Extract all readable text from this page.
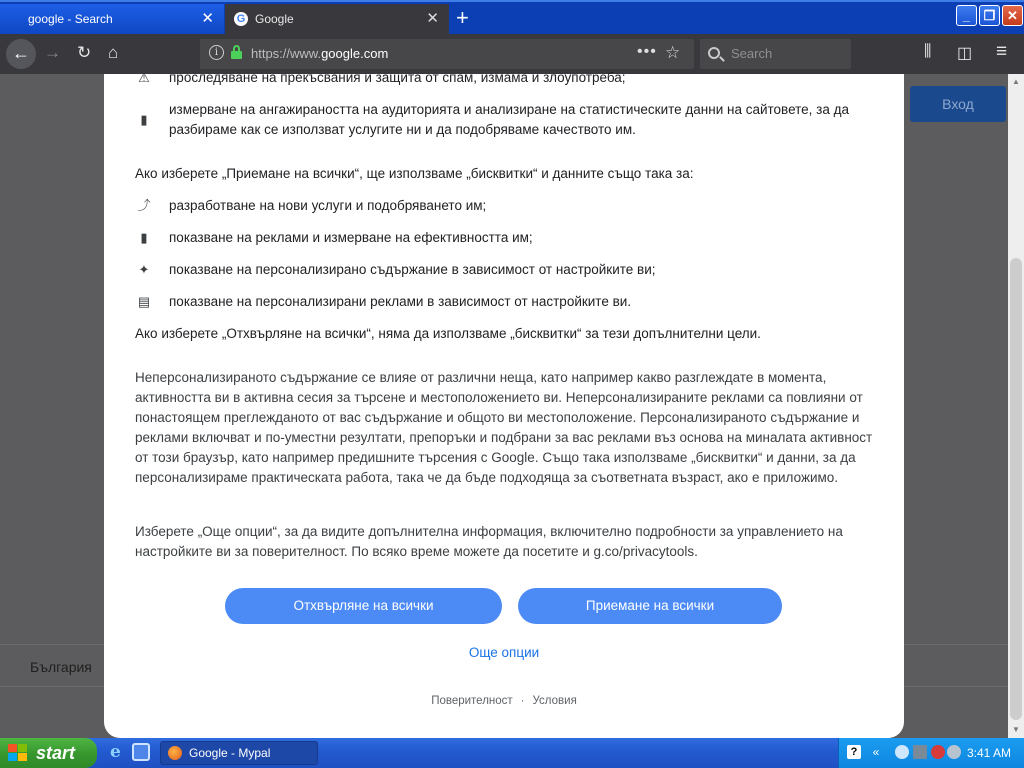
google - Search	✕ G Google	✕ +	_	❐ ✕
← → ↻ ⌂	i	https://www.google.com	••• ☆	Search	⫼ ◫ ≡
Вход
България
▲
▼
⚠ проследяване на прекъсвания и защита от спам, измама и злоупотреба;
▮
измерване на ангажираността на аудиторията и анализиране на статистическите данни на сайтовете, за да разбираме как се използват услугите ни и да подобряваме качеството им.
Ако изберете „Приемане на всички“, ще използваме „бисквитки“ и данните също така за:
⤴ разработване на нови услуги и подобряването им;
▮	показване на реклами и измерване на ефективността им;
✦ показване на персонализирано съдържание в зависимост от настройките ви;
▤ показване на персонализирани реклами в зависимост от настройките ви.
Ако изберете „Отхвърляне на всички“, няма да използваме „бисквитки“ за тези допълнителни цели.
Неперсонализираното съдържание се влияе от различни неща, като например какво разглеждате в момента, активността ви в активна сесия за търсене и местоположението ви. Неперсонализираните реклами са повлияни от понастоящем преглежданото от вас съдържание и общото ви местоположение. Персонализираното съдържание и реклами включват и по-уместни резултати, препоръки и подбрани за вас реклами въз основа на миналата активност от този браузър, като например предишните търсения с Google. Също така използваме „бисквитки“ и данни, за да персонализираме практическата работа, така че да бъде подходяща за съответната възраст, ако е приложимо.
Изберете „Още опции“, за да видите допълнителна информация, включително подробности за управлението на настройките ви за поверителност. По всяко време можете да посетите и g.co/privacytools.
Отхвърляне на всички	Приемане на всички
Още опции
Поверителност · Условия
start	e	Google - Mypal	?	«	3:41 AM
